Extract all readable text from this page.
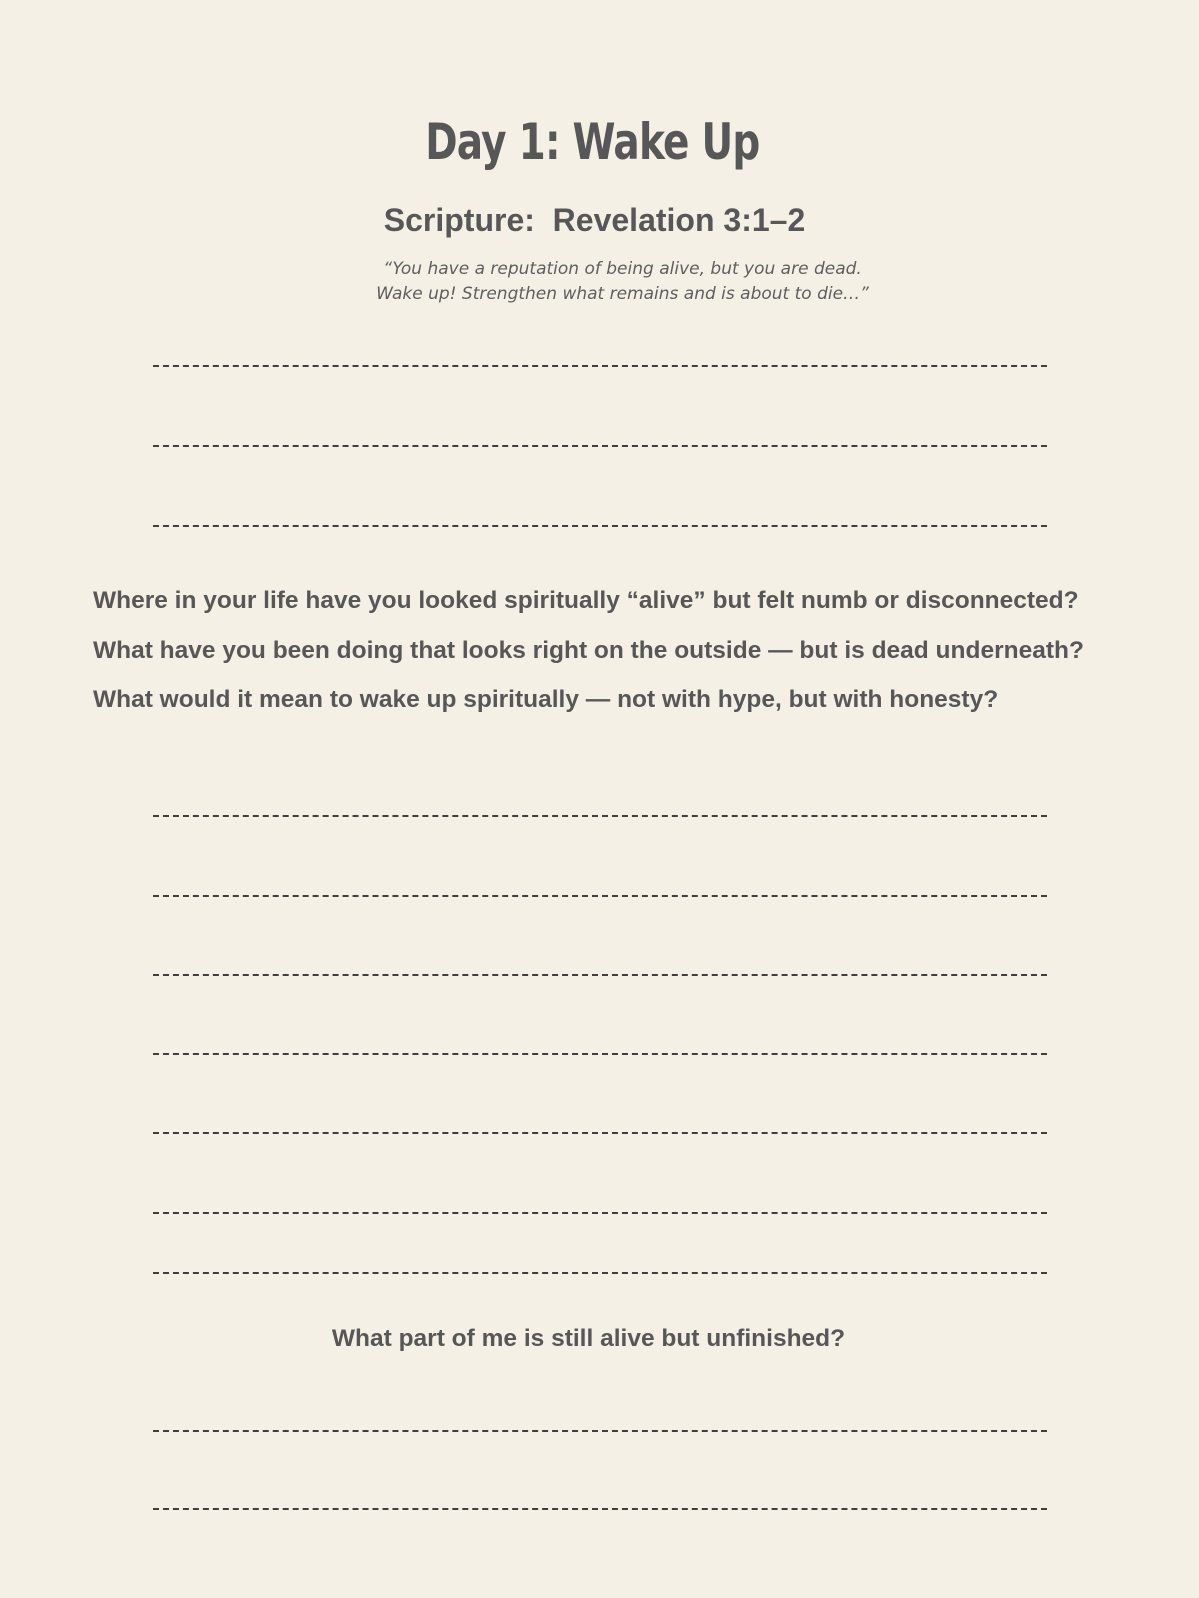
Day 1: Wake Up
Scripture:  Revelation 3:1–2
“You have a reputation of being alive, but you are dead.
Wake up! Strengthen what remains and is about to die…”
Where in your life have you looked spiritually “alive” but felt numb or disconnected?
What have you been doing that looks right on the outside — but is dead underneath?
What would it mean to wake up spiritually — not with hype, but with honesty?
What part of me is still alive but unfinished?
